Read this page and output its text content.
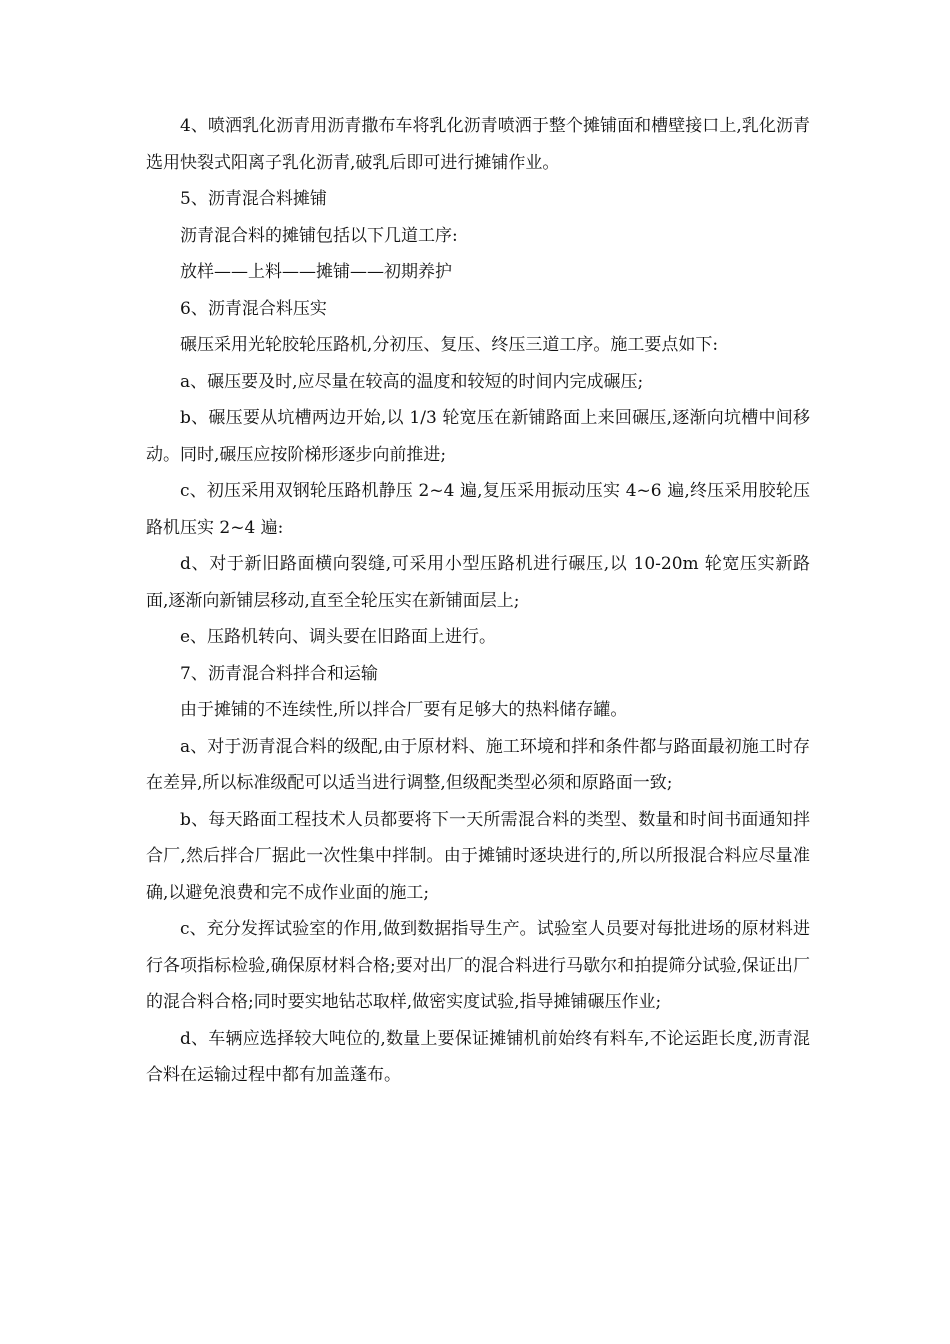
4、喷洒乳化沥青用沥青撒布车将乳化沥青喷洒于整个摊铺面和槽壁接口上,乳化沥青选用快裂式阳离子乳化沥青,破乳后即可进行摊铺作业。

5、沥青混合料摊铺

沥青混合料的摊铺包括以下几道工序:

放样——上料——摊铺——初期养护

6、沥青混合料压实

碾压采用光轮胶轮压路机,分初压、复压、终压三道工序。施工要点如下:

a、碾压要及时,应尽量在较高的温度和较短的时间内完成碾压;

b、碾压要从坑槽两边开始,以 1/3 轮宽压在新铺路面上来回碾压,逐渐向坑槽中间移动。同时,碾压应按阶梯形逐步向前推进;

c、初压采用双钢轮压路机静压 2~4 遍,复压采用振动压实 4~6 遍,终压采用胶轮压路机压实 2~4 遍:

d、对于新旧路面横向裂缝,可采用小型压路机进行碾压,以 10-20m 轮宽压实新路面,逐渐向新铺层移动,直至全轮压实在新铺面层上;

e、压路机转向、调头要在旧路面上进行。

7、沥青混合料拌合和运输

由于摊铺的不连续性,所以拌合厂要有足够大的热料储存罐。

a、对于沥青混合料的级配,由于原材料、施工环境和拌和条件都与路面最初施工时存在差异,所以标准级配可以适当进行调整,但级配类型必须和原路面一致;

b、每天路面工程技术人员都要将下一天所需混合料的类型、数量和时间书面通知拌合厂,然后拌合厂据此一次性集中拌制。由于摊铺时逐块进行的,所以所报混合料应尽量准确,以避免浪费和完不成作业面的施工;

c、充分发挥试验室的作用,做到数据指导生产。试验室人员要对每批进场的原材料进行各项指标检验,确保原材料合格;要对出厂的混合料进行马歇尔和拍提筛分试验,保证出厂的混合料合格;同时要实地钻芯取样,做密实度试验,指导摊铺碾压作业;

d、车辆应选择较大吨位的,数量上要保证摊铺机前始终有料车,不论运距长度,沥青混合料在运输过程中都有加盖蓬布。
